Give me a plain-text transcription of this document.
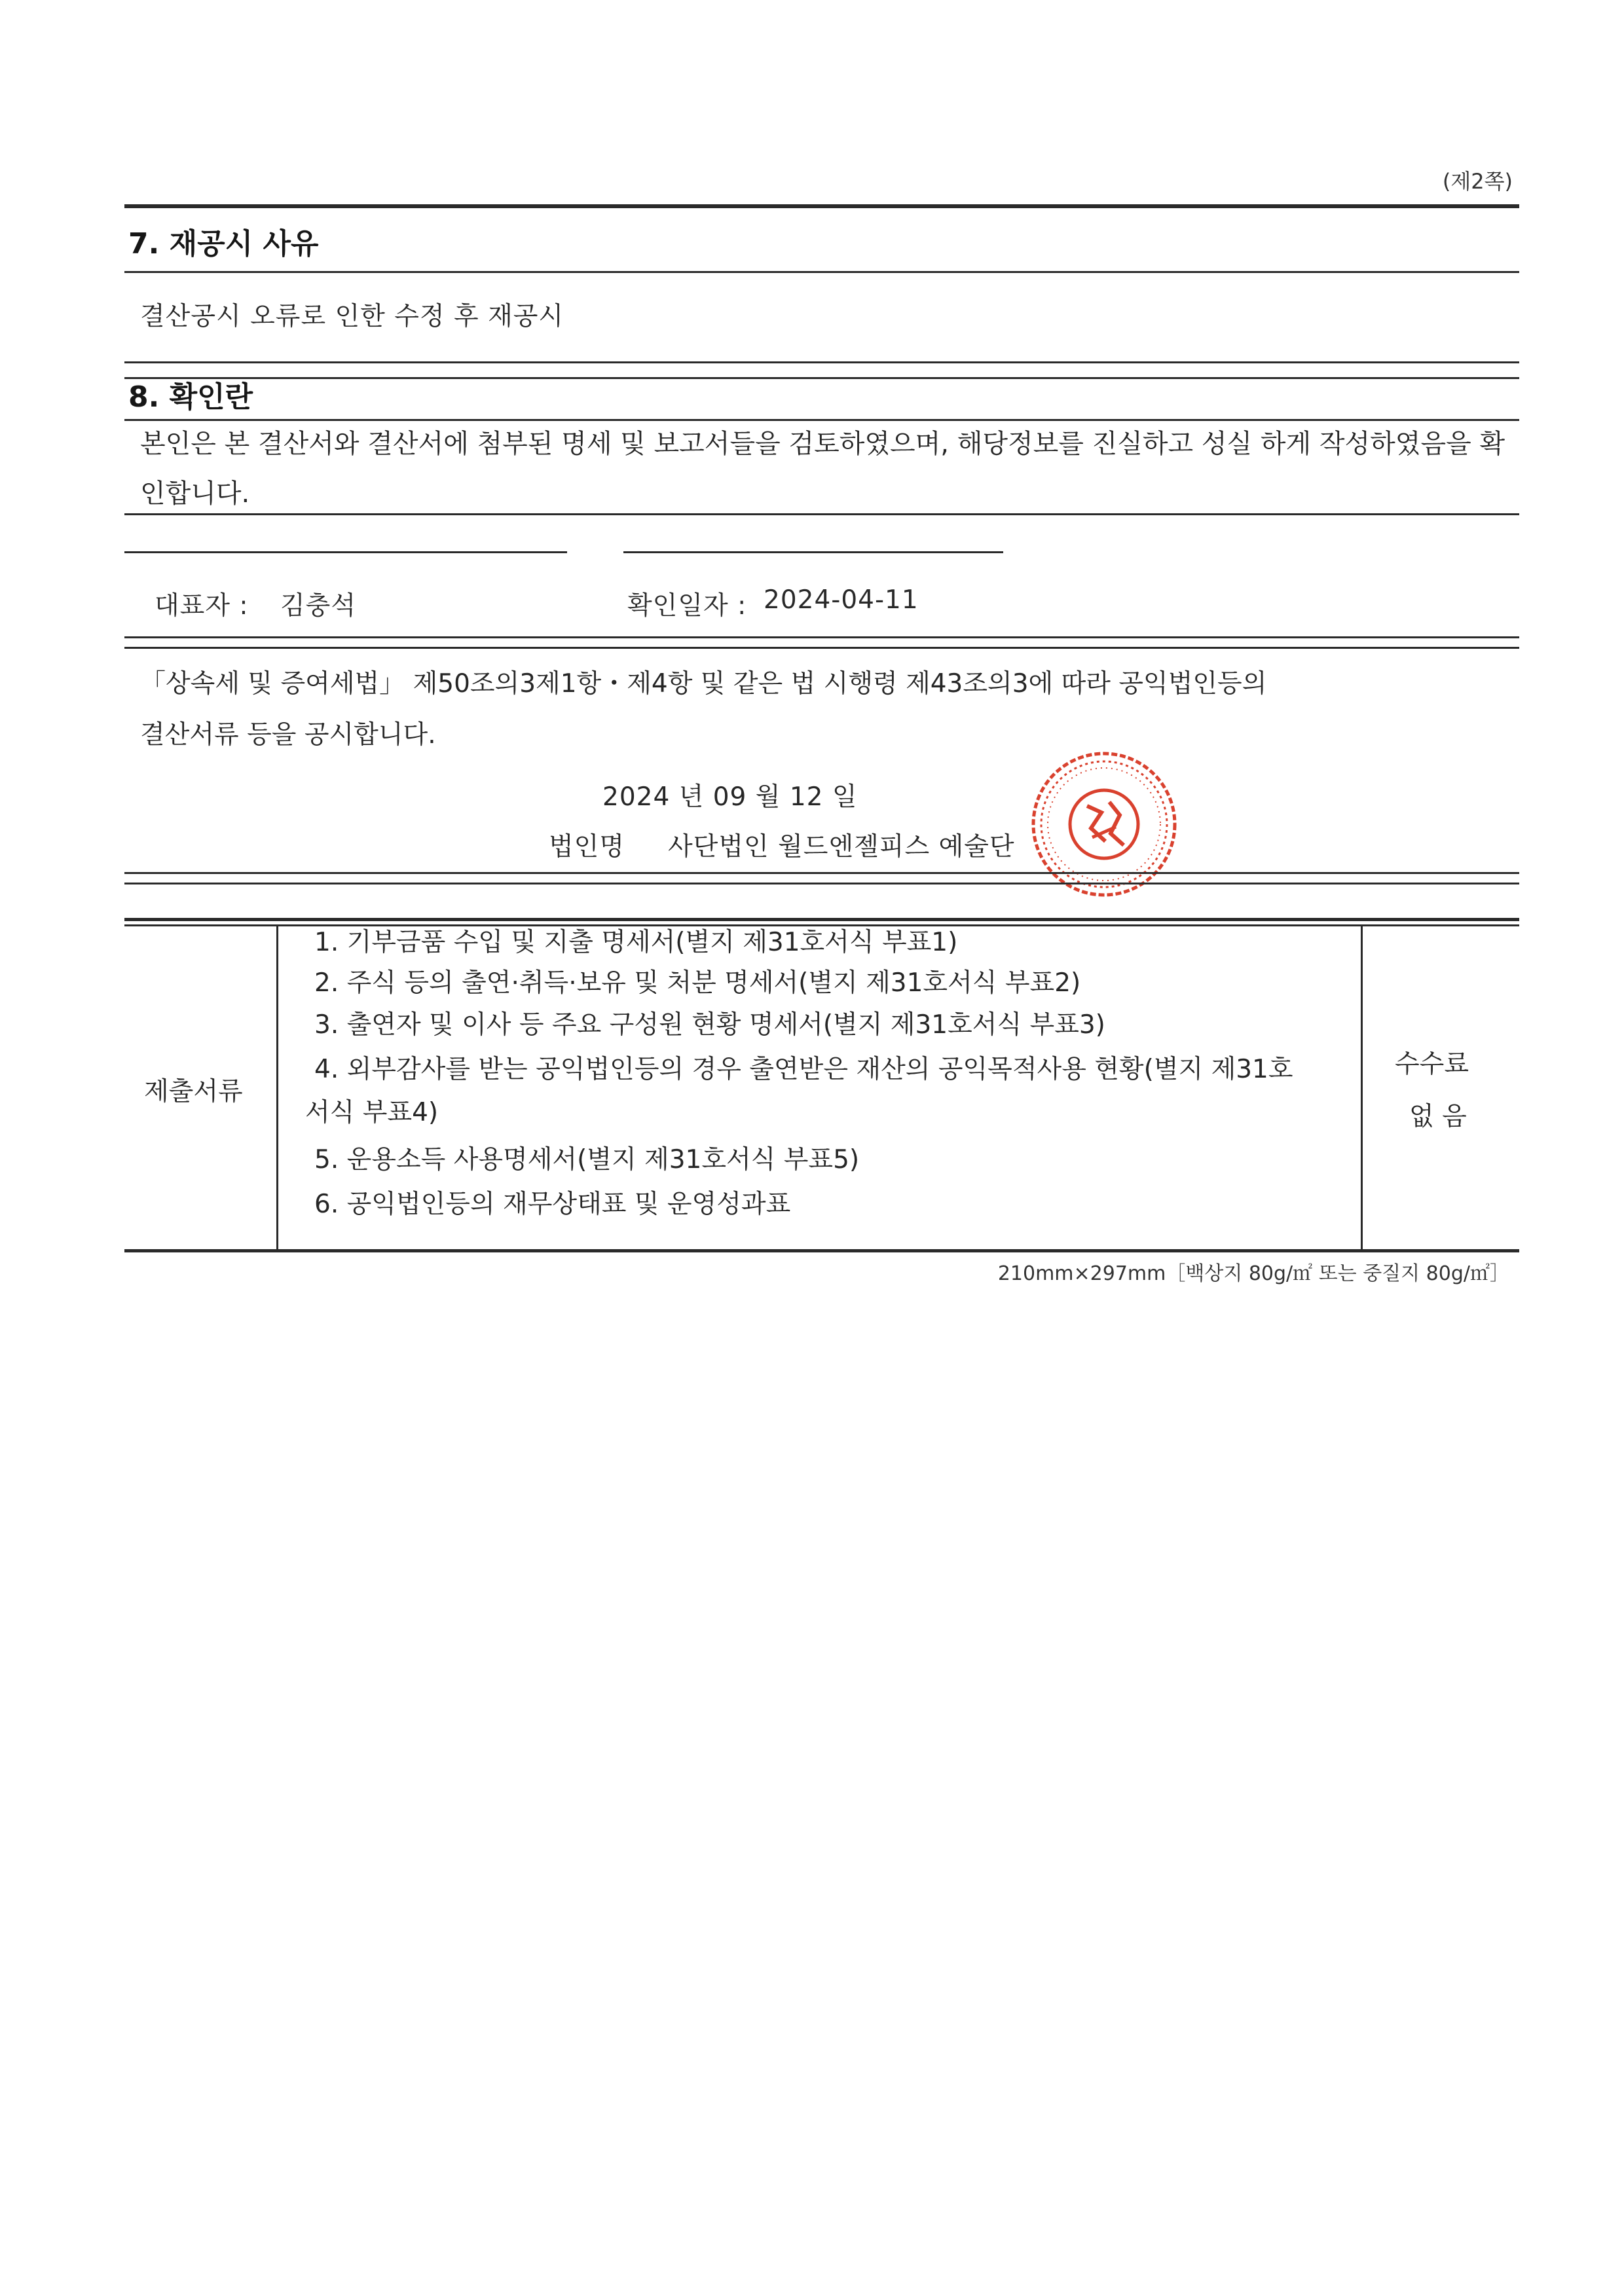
(제2쪽)
7. 재공시 사유
결산공시 오류로 인한 수정 후 재공시
8. 확인란
본인은 본 결산서와 결산서에 첨부된 명세 및 보고서들을 검토하였으며, 해당정보를 진실하고 성실 하게 작성하였음을 확
인합니다.
대표자 : 김충석	확인일자 : 2024-04-11
「상속세 및 증여세법」 제50조의3제1항・제4항 및 같은 법 시행령 제43조의3에 따라 공익법인등의
결산서류 등을 공시합니다.
2024 년 09 월 12 일
법인명 사단법인 월드엔젤피스 예술단
제출서류
1. 기부금품 수입 및 지출 명세서(별지 제31호서식 부표1)
2. 주식 등의 출연·취득·보유 및 처분 명세서(별지 제31호서식 부표2)
3. 출연자 및 이사 등 주요 구성원 현황 명세서(별지 제31호서식 부표3)
4. 외부감사를 받는 공익법인등의 경우 출연받은 재산의 공익목적사용 현황(별지 제31호
서식 부표4)
5. 운용소득 사용명세서(별지 제31호서식 부표5)
6. 공익법인등의 재무상태표 및 운영성과표
수수료
없 음
210mm×297mm［백상지 80g/㎡ 또는 중질지 80g/㎡］
